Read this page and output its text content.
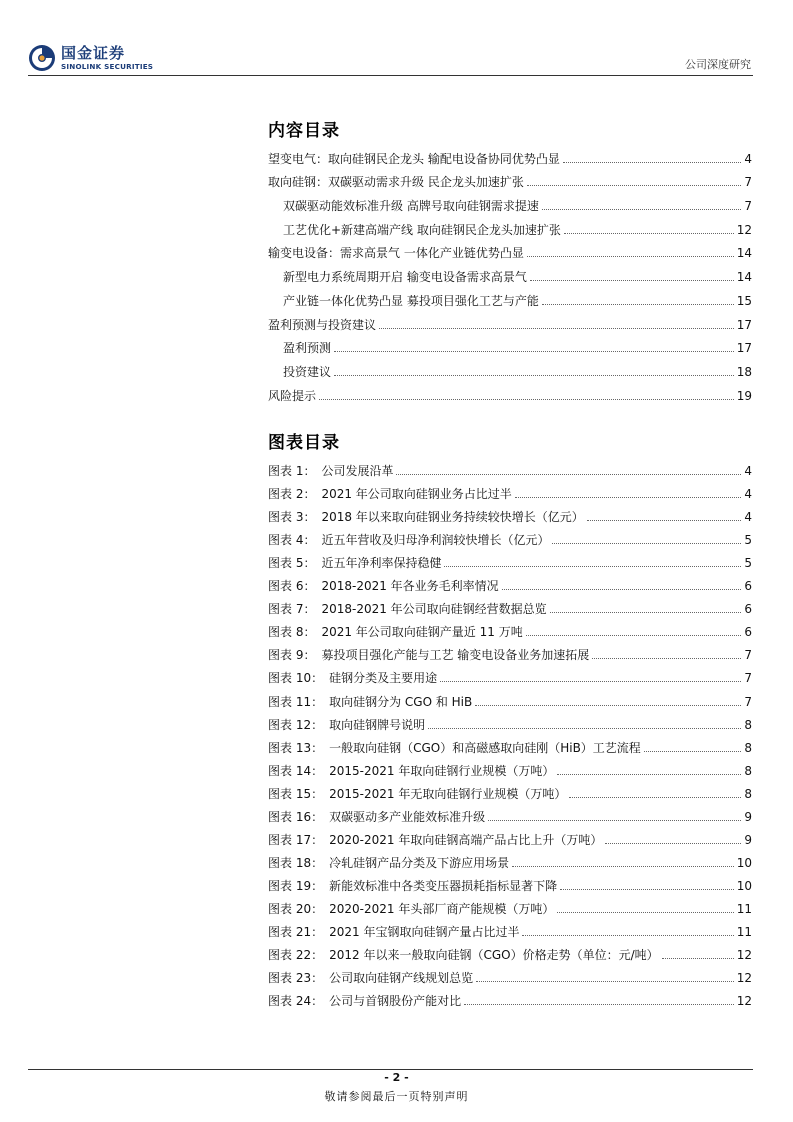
国金证券
SINOLINK SECURITIES	公司深度研究
内容目录
望变电气：取向硅钢民企龙头 输配电设备协同优势凸显	4
取向硅钢：双碳驱动需求升级 民企龙头加速扩张	7
双碳驱动能效标准升级 高牌号取向硅钢需求提速	7
工艺优化+新建高端产线 取向硅钢民企龙头加速扩张	12
输变电设备：需求高景气 一体化产业链优势凸显	14
新型电力系统周期开启 输变电设备需求高景气	14
产业链一体化优势凸显 募投项目强化工艺与产能	15
盈利预测与投资建议	17
盈利预测	17
投资建议	18
风险提示	19
图表目录
图表 1： 公司发展沿革	4
图表 2： 2021 年公司取向硅钢业务占比过半	4
图表 3： 2018 年以来取向硅钢业务持续较快增长（亿元）	4
图表 4： 近五年营收及归母净利润较快增长（亿元）	5
图表 5： 近五年净利率保持稳健	5
图表 6： 2018-2021 年各业务毛利率情况	6
图表 7： 2018-2021 年公司取向硅钢经营数据总览	6
图表 8： 2021 年公司取向硅钢产量近 11 万吨	6
图表 9： 募投项目强化产能与工艺 输变电设备业务加速拓展	7
图表 10： 硅钢分类及主要用途	7
图表 11： 取向硅钢分为 CGO 和 HiB	7
图表 12： 取向硅钢牌号说明	8
图表 13： 一般取向硅钢（CGO）和高磁感取向硅刚（HiB）工艺流程	8
图表 14： 2015-2021 年取向硅钢行业规模（万吨）	8
图表 15： 2015-2021 年无取向硅钢行业规模（万吨）	8
图表 16： 双碳驱动多产业能效标准升级	9
图表 17： 2020-2021 年取向硅钢高端产品占比上升（万吨）	9
图表 18： 冷轧硅钢产品分类及下游应用场景	10
图表 19： 新能效标准中各类变压器损耗指标显著下降	10
图表 20： 2020-2021 年头部厂商产能规模（万吨）	11
图表 21： 2021 年宝钢取向硅钢产量占比过半	11
图表 22： 2012 年以来一般取向硅钢（CGO）价格走势（单位：元/吨）	12
图表 23： 公司取向硅钢产线规划总览	12
图表 24： 公司与首钢股份产能对比	12
- 2 -
敬请参阅最后一页特别声明
